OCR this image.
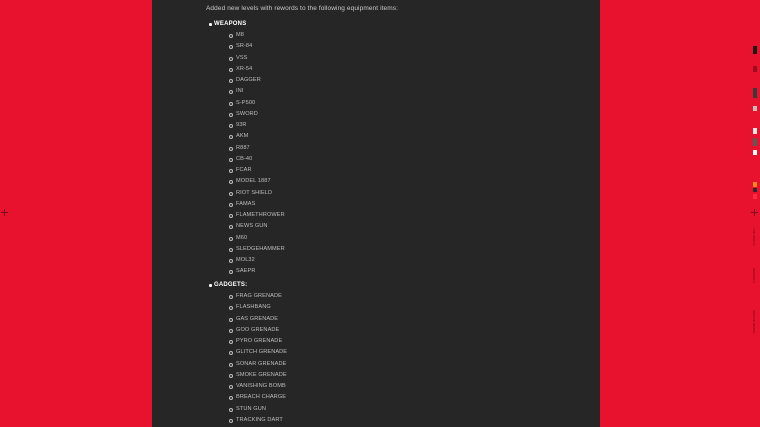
Added new levels with rewords to the following equipment items:
WEAPONS
M8
SR-84
VSS
XR-54
DAGGER
INI
S-P500
SWORD
93R
AKM
R887
CB-40
FCAR
MODEL 1887
RIOT SHIELD
FAMAS
FLAMETHROWER
NEWS GUN
M60
SLEDGEHAMMER
MOL32
SAEPR
GADGETS:
FRAG GRENADE
FLASHBANG
GAS GRENADE
GOO GRENADE
PYRO GRENADE
GLITCH GRENADE
SONAR GRENADE
SMOKE GRENADE
VANISHING BOMB
BREACH CHARGE
STUN GUN
TRACKING DART
THE FINALS
SEASON 4
UPDATE NOTES
